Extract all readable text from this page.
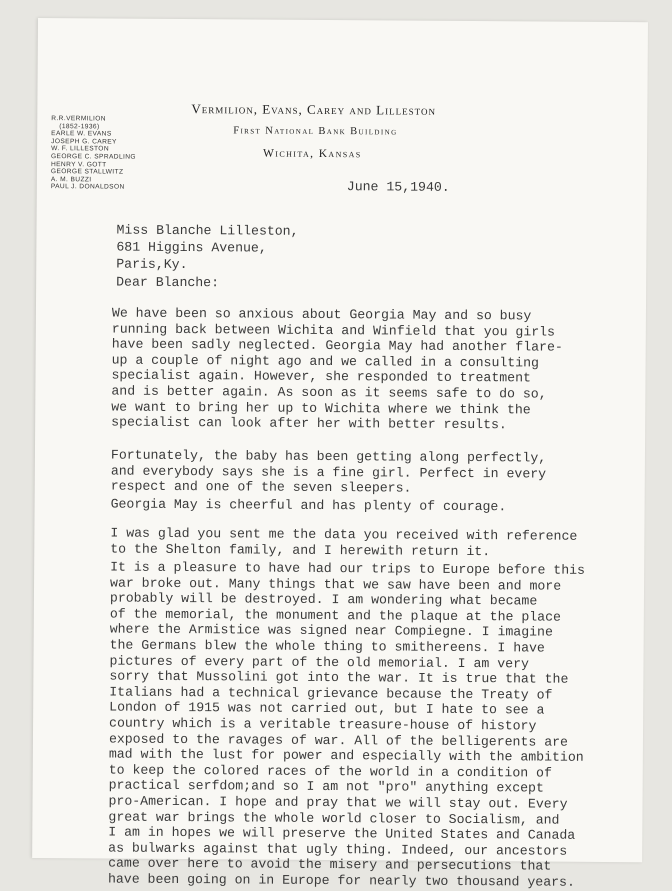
Vermilion, Evans, Carey and Lilleston
First National Bank Building
Wichita, Kansas
R.R.VERMILION
(1852-1936)
EARLE W. EVANS
JOSEPH G. CAREY
W. F. LILLESTON
GEORGE C. SPRADLING
HENRY V. GOTT
GEORGE STALLWITZ
A. M. BUZZI
PAUL J. DONALDSON	June 15,1940.
Miss Blanche Lilleston,
681 Higgins Avenue,
Paris,Ky.
Dear Blanche:
We have been so anxious about Georgia May and so busy
running back between Wichita and Winfield that you girls
have been sadly neglected. Georgia May had another flare-
up a couple of night ago and we called in a consulting
specialist again. However, she responded to treatment
and is better again. As soon as it seems safe to do so,
we want to bring her up to Wichita where we think the
specialist can look after her with better results.
Fortunately, the baby has been getting along perfectly,
and everybody says she is a fine girl. Perfect in every
respect and one of the seven sleepers.
Georgia May is cheerful and has plenty of courage.
I was glad you sent me the data you received with reference
to the Shelton family, and I herewith return it.
It is a pleasure to have had our trips to Europe before this
war broke out. Many things that we saw have been and more
probably will be destroyed. I am wondering what became
of the memorial, the monument and the plaque at the place
where the Armistice was signed near Compiegne. I imagine
the Germans blew the whole thing to smithereens. I have
pictures of every part of the old memorial. I am very
sorry that Mussolini got into the war. It is true that the
Italians had a technical grievance because the Treaty of
London of 1915 was not carried out, but I hate to see a
country which is a veritable treasure-house of history
exposed to the ravages of war. All of the belligerents are
mad with the lust for power and especially with the ambition
to keep the colored races of the world in a condition of
practical serfdom;and so I am not "pro" anything except
pro-American. I hope and pray that we will stay out. Every
great war brings the whole world closer to Socialism, and
I am in hopes we will preserve the United States and Canada
as bulwarks against that ugly thing. Indeed, our ancestors
came over here to avoid the misery and persecutions that
have been going on in Europe for nearly two thousand years.
